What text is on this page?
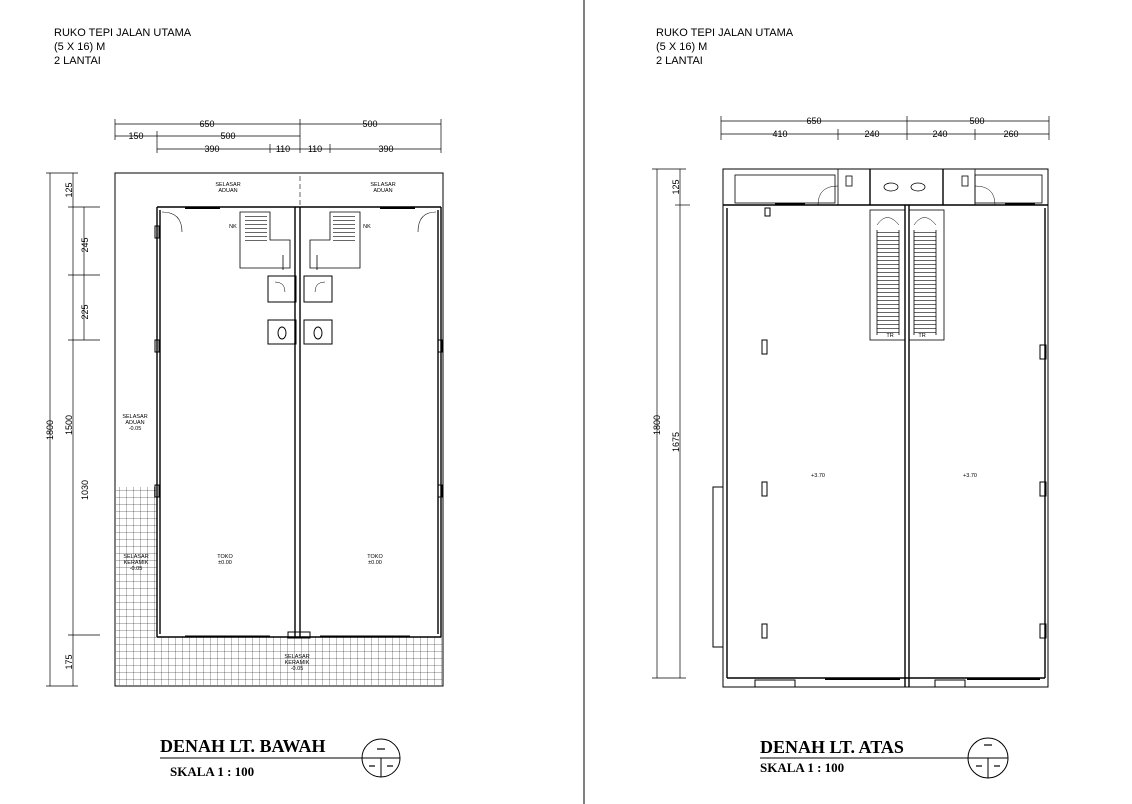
RUKO TEPI JALAN UTAMA
(5 X 16) M
2 LANTAI
RUKO TEPI JALAN UTAMA
(5 X 16) M
2 LANTAI
650	500
150	500
390	110 110	390
1800
125
245
225
1500
1030
175
SELASAR ADUAN
SELASAR ADUAN
SELASAR ADUAN -0.05
SELASAR KERAMIK -0.05
SELASAR KERAMIK -0.05
TOKO ±0.00
TOKO ±0.00
NK	NK
DENAH LT. BAWAH
SKALA 1 : 100
650	500
410	240	240	260
1800
125
1675
+3.70	+3.70
TR	TR
DENAH LT. ATAS
SKALA 1 : 100
